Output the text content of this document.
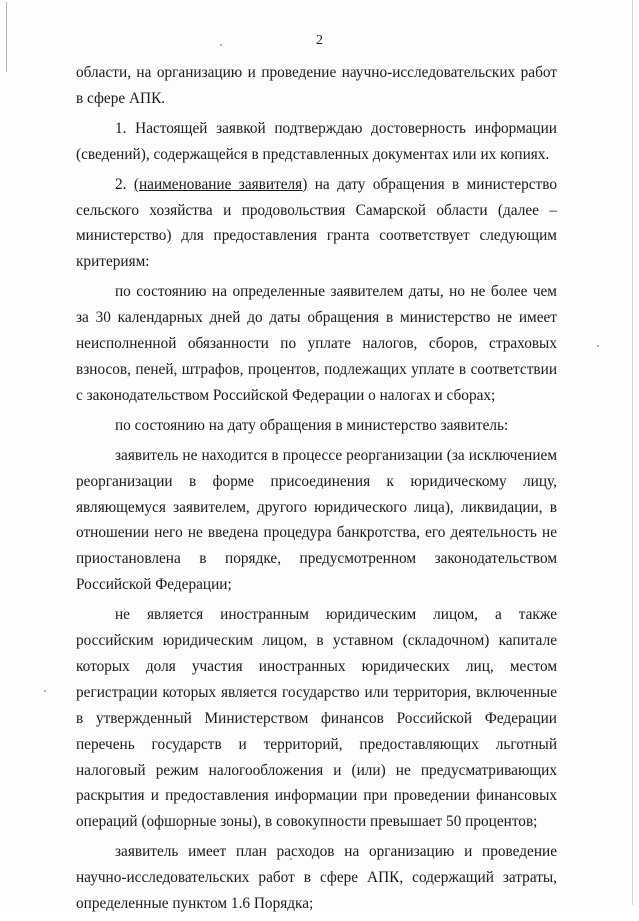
2

области, на организацию и проведение научно-исследовательских работ в сфере АПК.

1. Настоящей заявкой подтверждаю достоверность информации (сведений), содержащейся в представленных документах или их копиях.

2. (наименование заявителя) на дату обращения в министерство сельского хозяйства и продовольствия Самарской области (далее – министерство) для предоставления гранта соответствует следующим критериям:

по состоянию на определенные заявителем даты, но не более чем за 30 календарных дней до даты обращения в министерство не имеет неисполненной обязанности по уплате налогов, сборов, страховых взносов, пеней, штрафов, процентов, подлежащих уплате в соответствии с законодательством Российской Федерации о налогах и сборах;

по состоянию на дату обращения в министерство заявитель:

заявитель не находится в процессе реорганизации (за исключением реорганизации в форме присоединения к юридическому лицу, являющемуся заявителем, другого юридического лица), ликвидации, в отношении него не введена процедура банкротства, его деятельность не приостановлена в порядке, предусмотренном законодательством Российской Федерации;

не является иностранным юридическим лицом, а также российским юридическим лицом, в уставном (складочном) капитале которых доля участия иностранных юридических лиц, местом регистрации которых является государство или территория, включенные в утвержденный Министерством финансов Российской Федерации перечень государств и территорий, предоставляющих льготный налоговый режим налогообложения и (или) не предусматривающих раскрытия и предоставления информации при проведении финансовых операций (офшорные зоны), в совокупности превышает 50 процентов;

заявитель имеет план расходов на организацию и проведение научно-исследовательских работ в сфере АПК, содержащий затраты, определенные пунктом 1.6 Порядка;
